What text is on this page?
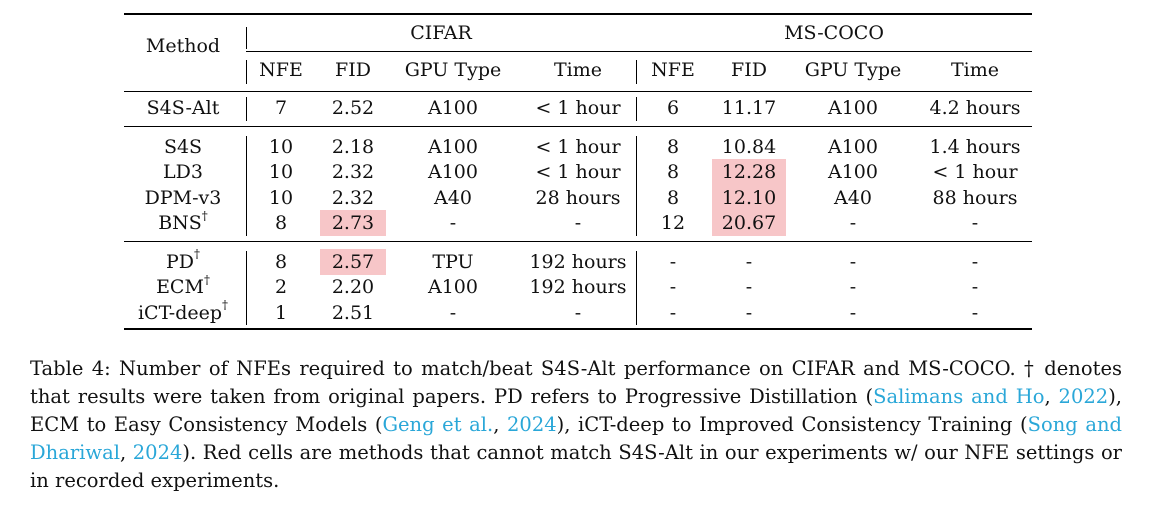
Method
CIFAR	MS-COCO
NFE	FID	GPU Type	Time	NFE	FID	GPU Type	Time
S4S-Alt	7	2.52	A100	< 1 hour	6	11.17	A100	4.2 hours
S4S	10	2.18	A100	< 1 hour	8	10.84	A100	1.4 hours
LD3	10	2.32	A100	< 1 hour	8	12.28	A100	< 1 hour
DPM-v3	10	2.32	A40	28 hours	8	12.10	A40	88 hours
BNS†	8	2.73	-	-	12	20.67	-	-
PD†	8	2.57	TPU	192 hours	-	-	-	-
ECM†	2	2.20	A100	192 hours	-	-	-	-
iCT-deep†	1	2.51	-	-	-	-	-	-
Table 4: Number of NFEs required to match/beat S4S-Alt performance on CIFAR and MS-COCO. † denotes that results were taken from original papers. PD refers to Progressive Distillation (Salimans and Ho, 2022), ECM to Easy Consistency Models (Geng et al., 2024), iCT-deep to Improved Consistency Training (Song and Dhariwal, 2024). Red cells are methods that cannot match S4S-Alt in our experiments w/ our NFE settings or in recorded experiments.
